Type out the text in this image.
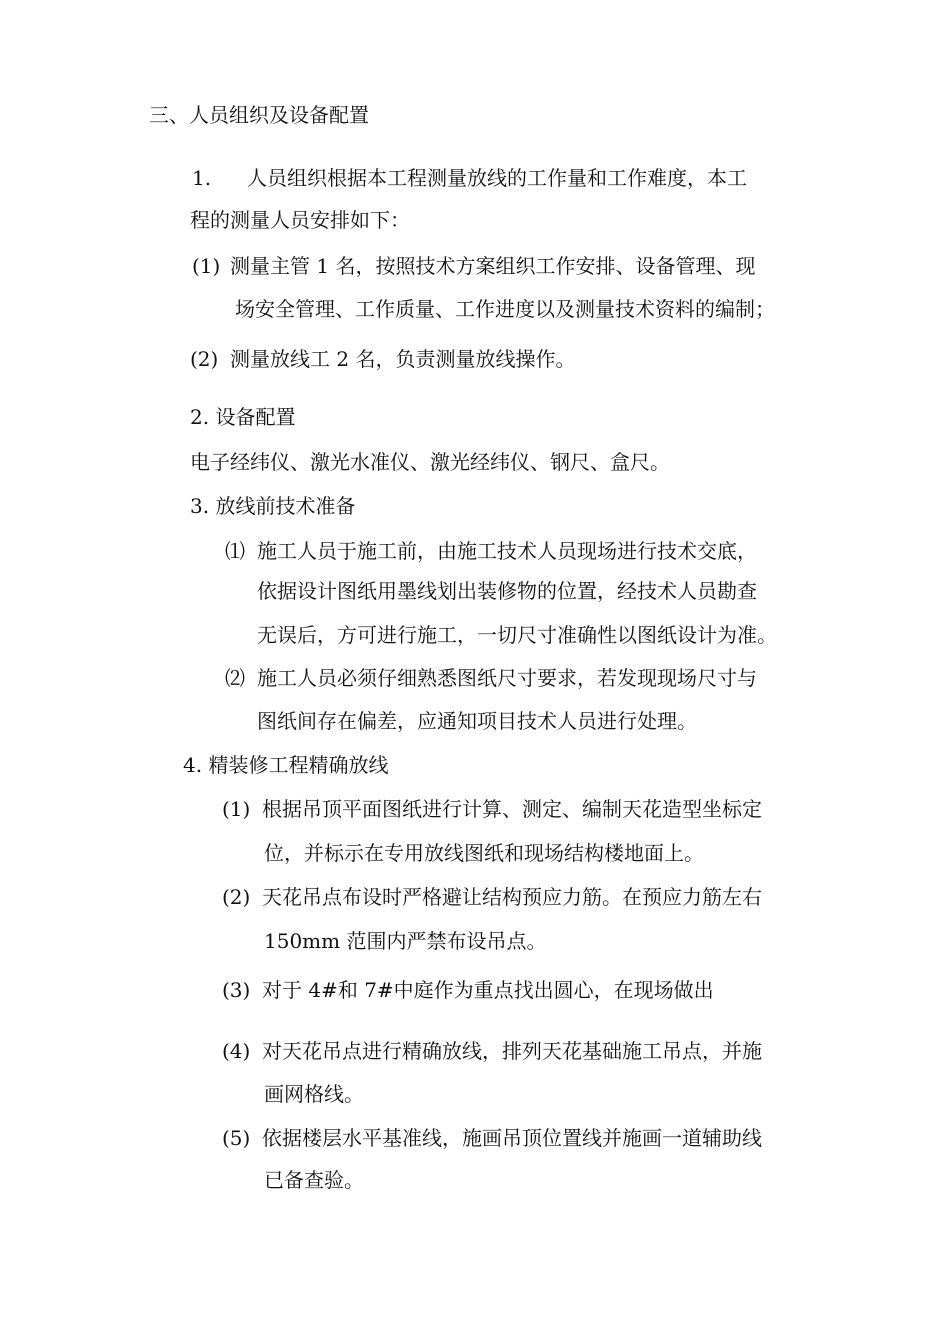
三、人员组织及设备配置
1. 人员组织根据本工程测量放线的工作量和工作难度，本工
程的测量人员安排如下：
(1) 测量主管 1 名，按照技术方案组织工作安排、设备管理、现
场安全管理、工作质量、工作进度以及测量技术资料的编制；
(2) 测量放线工 2 名，负责测量放线操作。
2. 设备配置
电子经纬仪、激光水准仪、激光经纬仪、钢尺、盒尺。
3. 放线前技术准备
⑴ 施工人员于施工前，由施工技术人员现场进行技术交底，
依据设计图纸用墨线划出装修物的位置，经技术人员勘查
无误后，方可进行施工，一切尺寸准确性以图纸设计为准。
⑵ 施工人员必须仔细熟悉图纸尺寸要求，若发现现场尺寸与
图纸间存在偏差，应通知项目技术人员进行处理。
4. 精装修工程精确放线
(1) 根据吊顶平面图纸进行计算、测定、编制天花造型坐标定
位，并标示在专用放线图纸和现场结构楼地面上。
(2) 天花吊点布设时严格避让结构预应力筋。在预应力筋左右
150mm 范围内严禁布设吊点。
(3) 对于 4#和 7#中庭作为重点找出圆心，在现场做出
(4) 对天花吊点进行精确放线，排列天花基础施工吊点，并施
画网格线。
(5) 依据楼层水平基准线，施画吊顶位置线并施画一道辅助线
已备查验。
